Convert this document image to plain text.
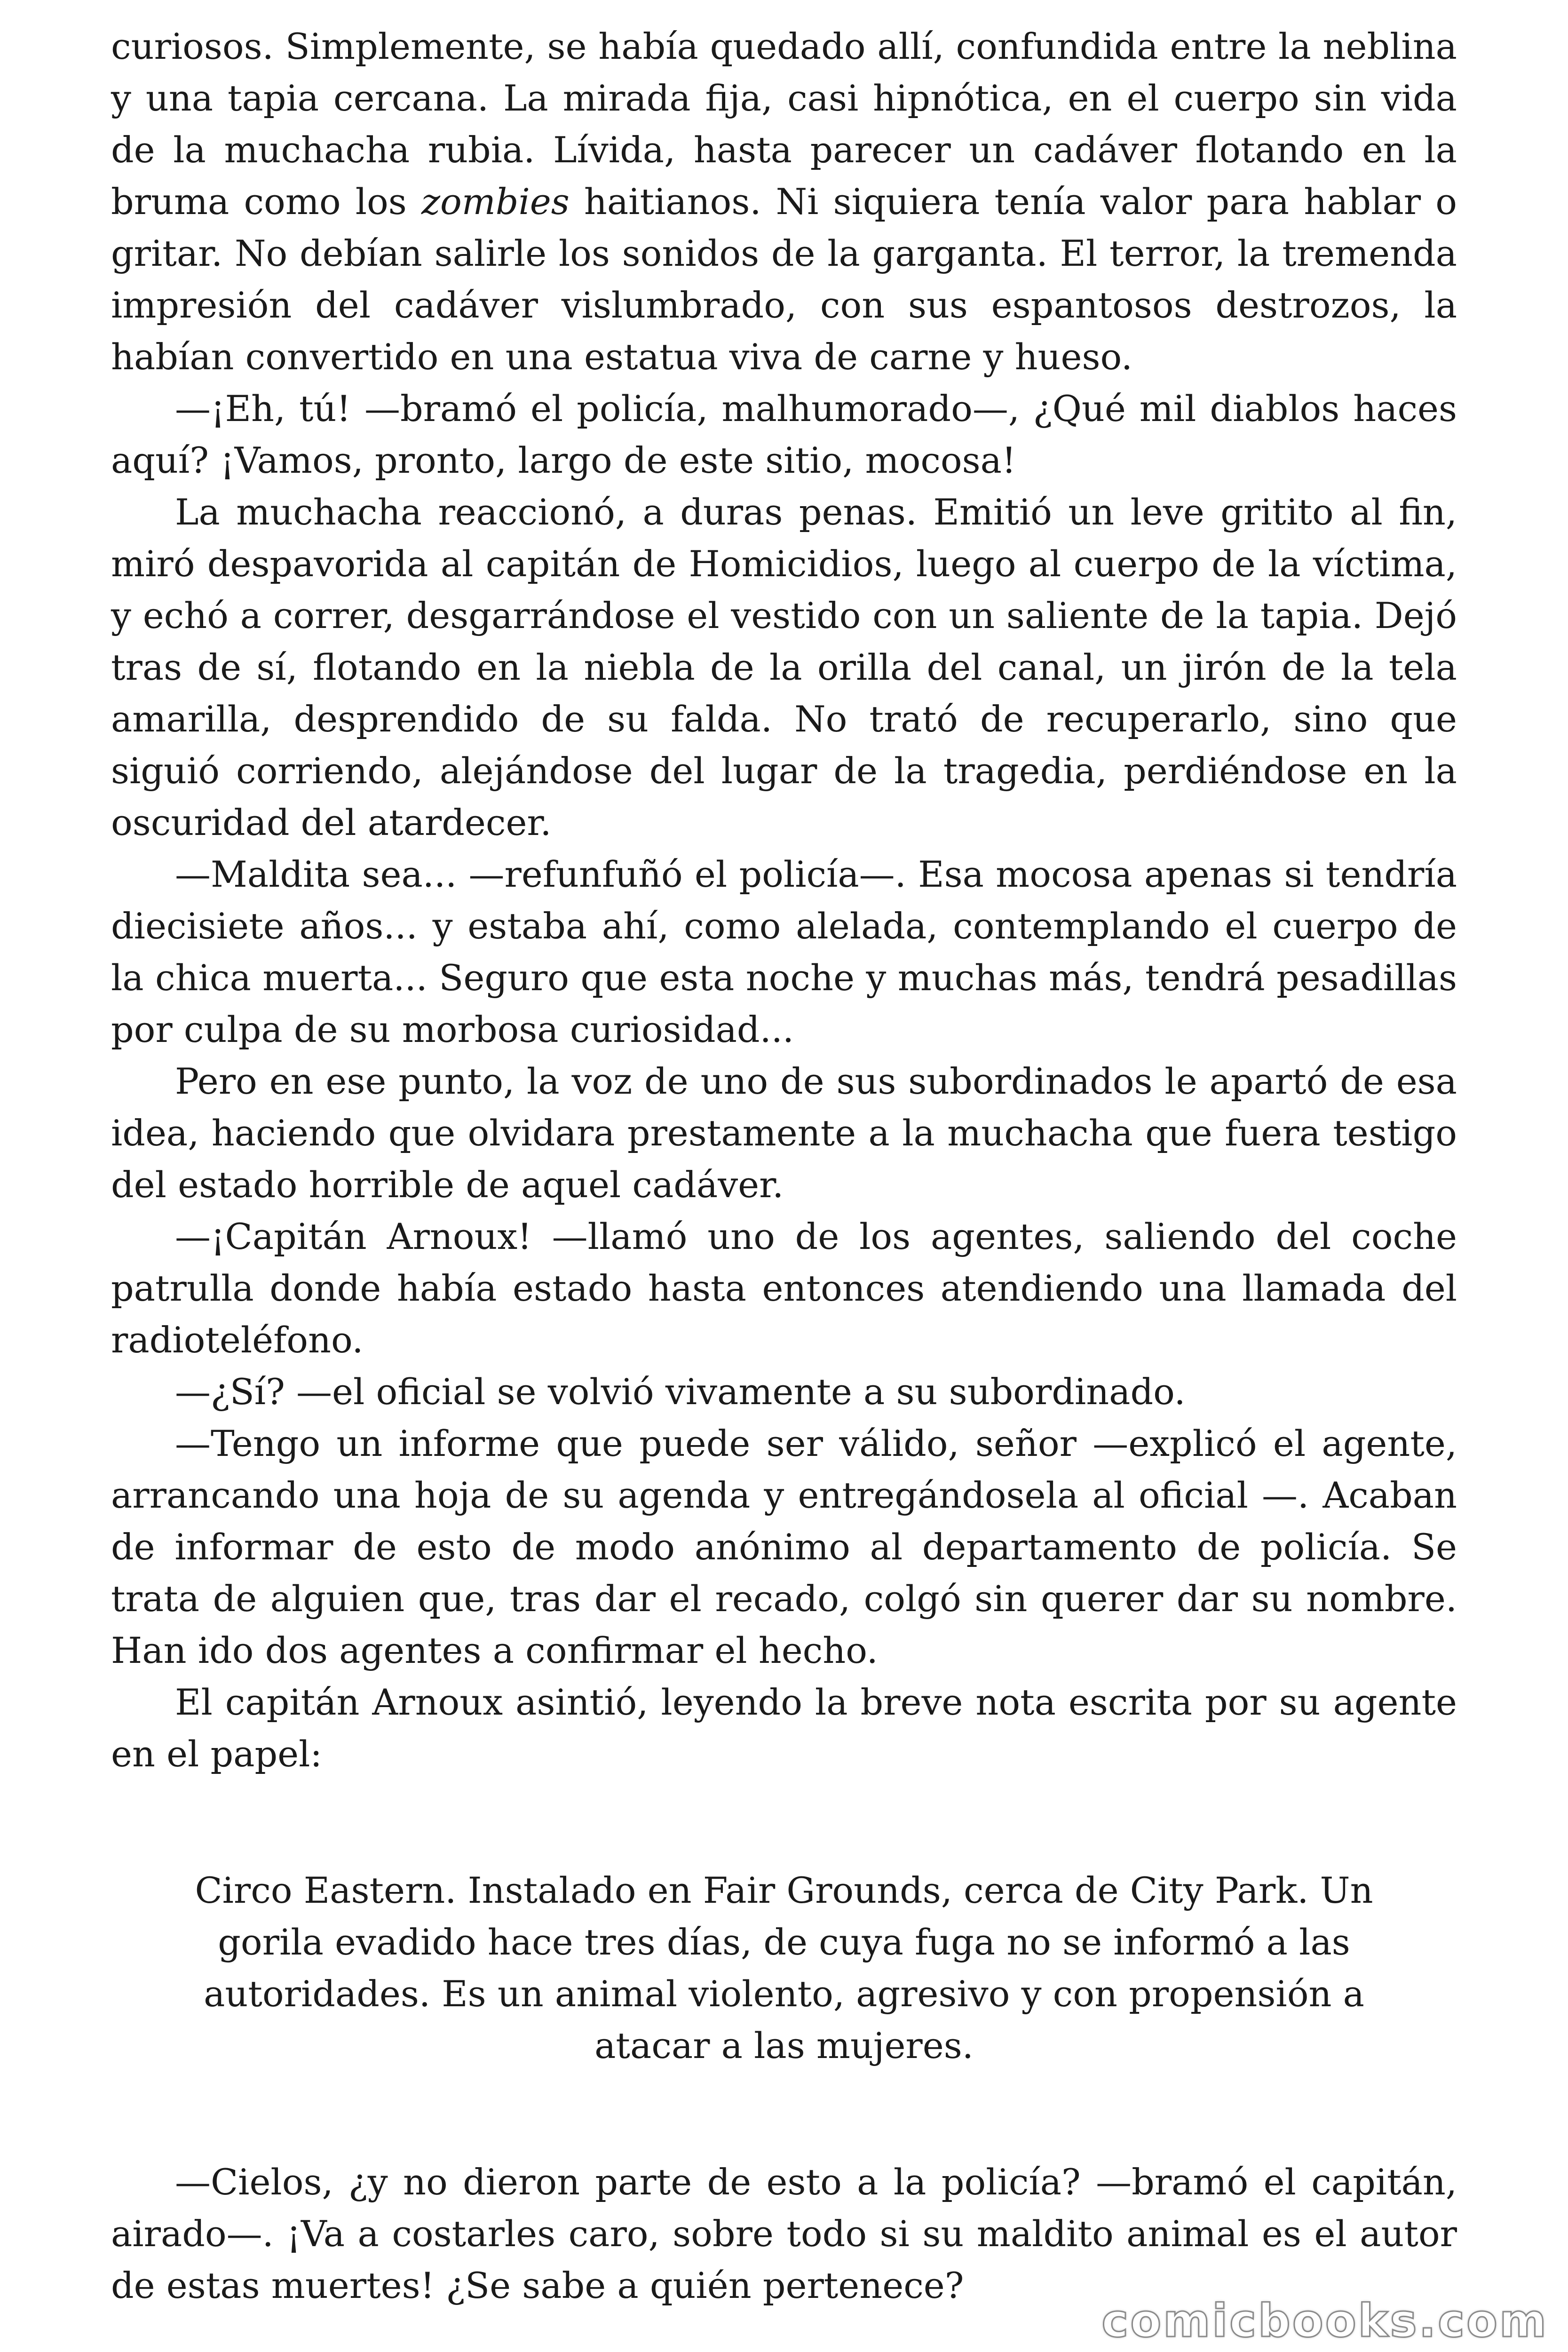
curiosos. Simplemente, se había quedado allí, confundida entre la neblina y una tapia cercana. La mirada fija, casi hipnótica, en el cuerpo sin vida de la muchacha rubia. Lívida, hasta parecer un cadáver flotando en la bruma como los zombies haitianos. Ni siquiera tenía valor para hablar o gritar. No debían salirle los sonidos de la garganta. El terror, la tremenda impresión del cadáver vislumbrado, con sus espantosos destrozos, la habían convertido en una estatua viva de carne y hueso.

—¡Eh, tú! —bramó el policía, malhumorado—, ¿Qué mil diablos haces aquí? ¡Vamos, pronto, largo de este sitio, mocosa!

La muchacha reaccionó, a duras penas. Emitió un leve gritito al fin, miró despavorida al capitán de Homicidios, luego al cuerpo de la víctima, y echó a correr, desgarrándose el vestido con un saliente de la tapia. Dejó tras de sí, flotando en la niebla de la orilla del canal, un jirón de la tela amarilla, desprendido de su falda. No trató de recuperarlo, sino que siguió corriendo, alejándose del lugar de la tragedia, perdiéndose en la oscuridad del atardecer.

—Maldita sea... —refunfuñó el policía—. Esa mocosa apenas si tendría diecisiete años... y estaba ahí, como alelada, contemplando el cuerpo de la chica muerta... Seguro que esta noche y muchas más, tendrá pesadillas por culpa de su morbosa curiosidad...

Pero en ese punto, la voz de uno de sus subordinados le apartó de esa idea, haciendo que olvidara prestamente a la muchacha que fuera testigo del estado horrible de aquel cadáver.

—¡Capitán Arnoux! —llamó uno de los agentes, saliendo del coche patrulla donde había estado hasta entonces atendiendo una llamada del radioteléfono.

—¿Sí? —el oficial se volvió vivamente a su subordinado.

—Tengo un informe que puede ser válido, señor —explicó el agente, arrancando una hoja de su agenda y entregándosela al oficial —. Acaban de informar de esto de modo anónimo al departamento de policía. Se trata de alguien que, tras dar el recado, colgó sin querer dar su nombre. Han ido dos agentes a confirmar el hecho.

El capitán Arnoux asintió, leyendo la breve nota escrita por su agente en el papel:

Circo Eastern. Instalado en Fair Grounds, cerca de City Park. Un gorila evadido hace tres días, de cuya fuga no se informó a las autoridades. Es un animal violento, agresivo y con propensión a atacar a las mujeres.

—Cielos, ¿y no dieron parte de esto a la policía? —bramó el capitán, airado—. ¡Va a costarles caro, sobre todo si su maldito animal es el autor de estas muertes! ¿Se sabe a quién pertenece?

comicbooks.com
